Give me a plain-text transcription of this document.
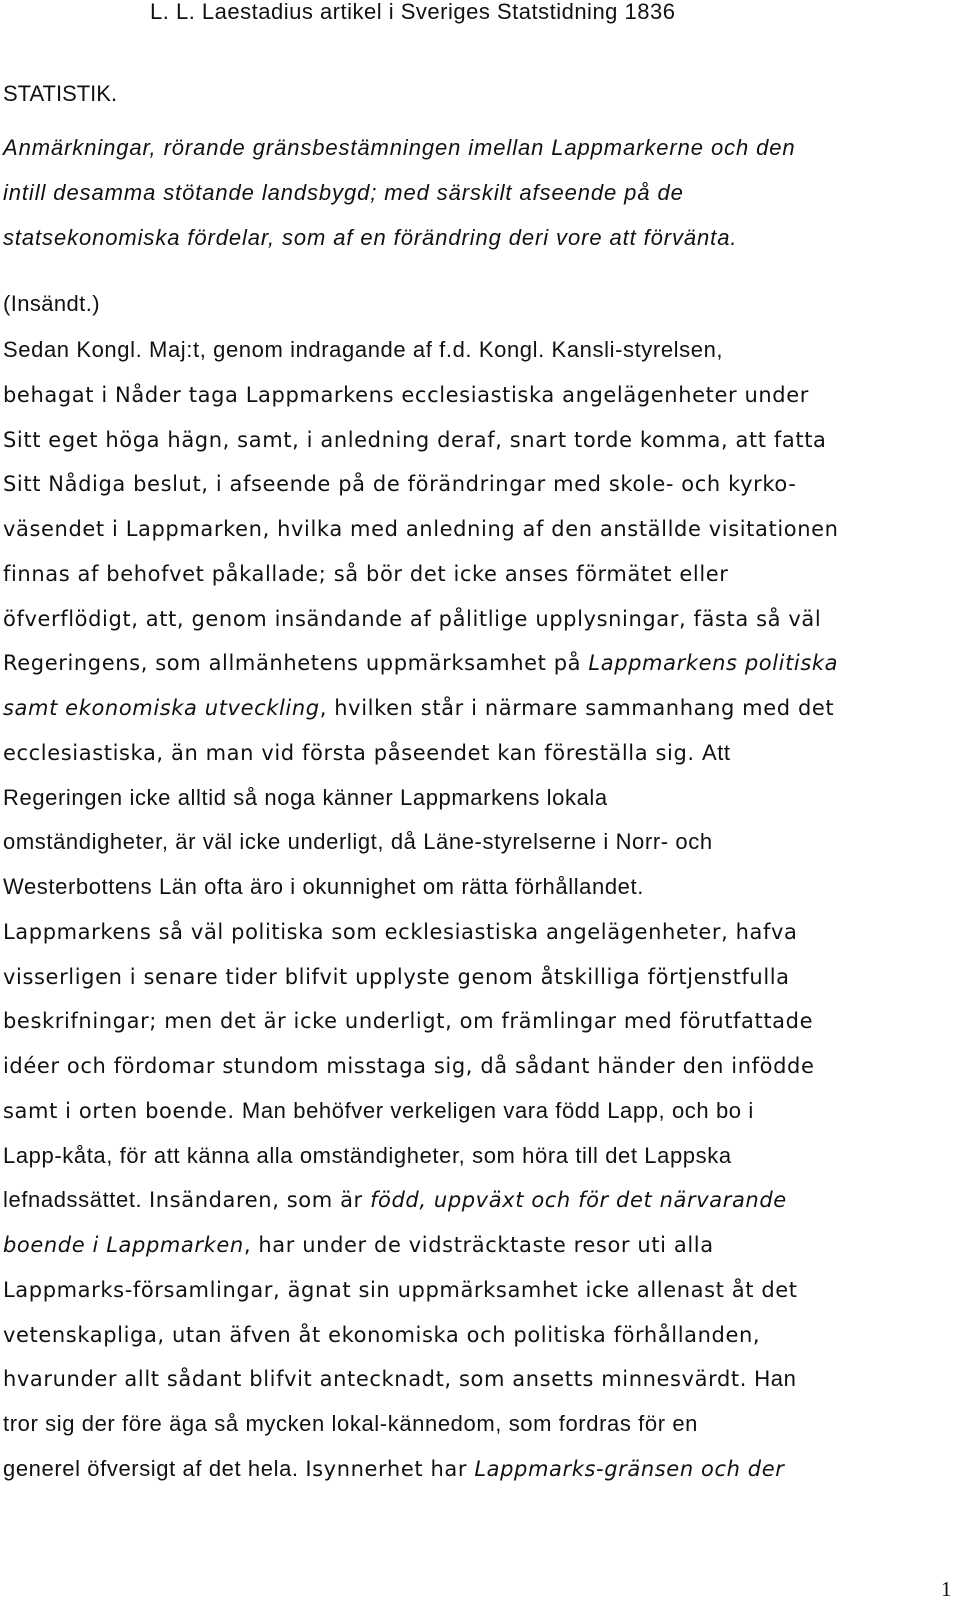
L. L. Laestadius artikel i Sveriges Statstidning 1836
STATISTIK.
Anmärkningar, rörande gränsbestämningen imellan Lappmarkerne och den
intill desamma stötande landsbygd; med särskilt afseende på de
statsekonomiska fördelar, som af en förändring deri vore att förvänta.
(Insändt.)
Sedan Kongl. Maj:t, genom indragande af f.d. Kongl. Kansli-styrelsen,
behagat i Nåder taga Lappmarkens ecclesiastiska angelägenheter under
Sitt eget höga hägn, samt, i anledning deraf, snart torde komma, att fatta
Sitt Nådiga beslut, i afseende på de förändringar med skole- och kyrko-
väsendet i Lappmarken, hvilka med anledning af den anställde visitationen
finnas af behofvet påkallade; så bör det icke anses förmätet eller
öfverflödigt, att, genom insändande af pålitlige upplysningar, fästa så väl
Regeringens, som allmänhetens uppmärksamhet på Lappmarkens politiska
samt ekonomiska utveckling, hvilken står i närmare sammanhang med det
ecclesiastiska, än man vid första påseendet kan föreställa sig. Att
Regeringen icke alltid så noga känner Lappmarkens lokala
omständigheter, är väl icke underligt, då Läne-styrelserne i Norr- och
Westerbottens Län ofta äro i okunnighet om rätta förhållandet.
Lappmarkens så väl politiska som ecklesiastiska angelägenheter, hafva
visserligen i senare tider blifvit upplyste genom åtskilliga förtjenstfulla
beskrifningar; men det är icke underligt, om främlingar med förutfattade
idéer och fördomar stundom misstaga sig, då sådant händer den infödde
samt i orten boende. Man behöfver verkeligen vara född Lapp, och bo i
Lapp-kåta, för att känna alla omständigheter, som höra till det Lappska
lefnadssättet. Insändaren, som är född, uppväxt och för det närvarande
boende i Lappmarken, har under de vidsträcktaste resor uti alla
Lappmarks-församlingar, ägnat sin uppmärksamhet icke allenast åt det
vetenskapliga, utan äfven åt ekonomiska och politiska förhållanden,
hvarunder allt sådant blifvit antecknadt, som ansetts minnesvärdt. Han
tror sig der före äga så mycken lokal-kännedom, som fordras för en
generel öfversigt af det hela. Isynnerhet har Lappmarks-gränsen och der
1
